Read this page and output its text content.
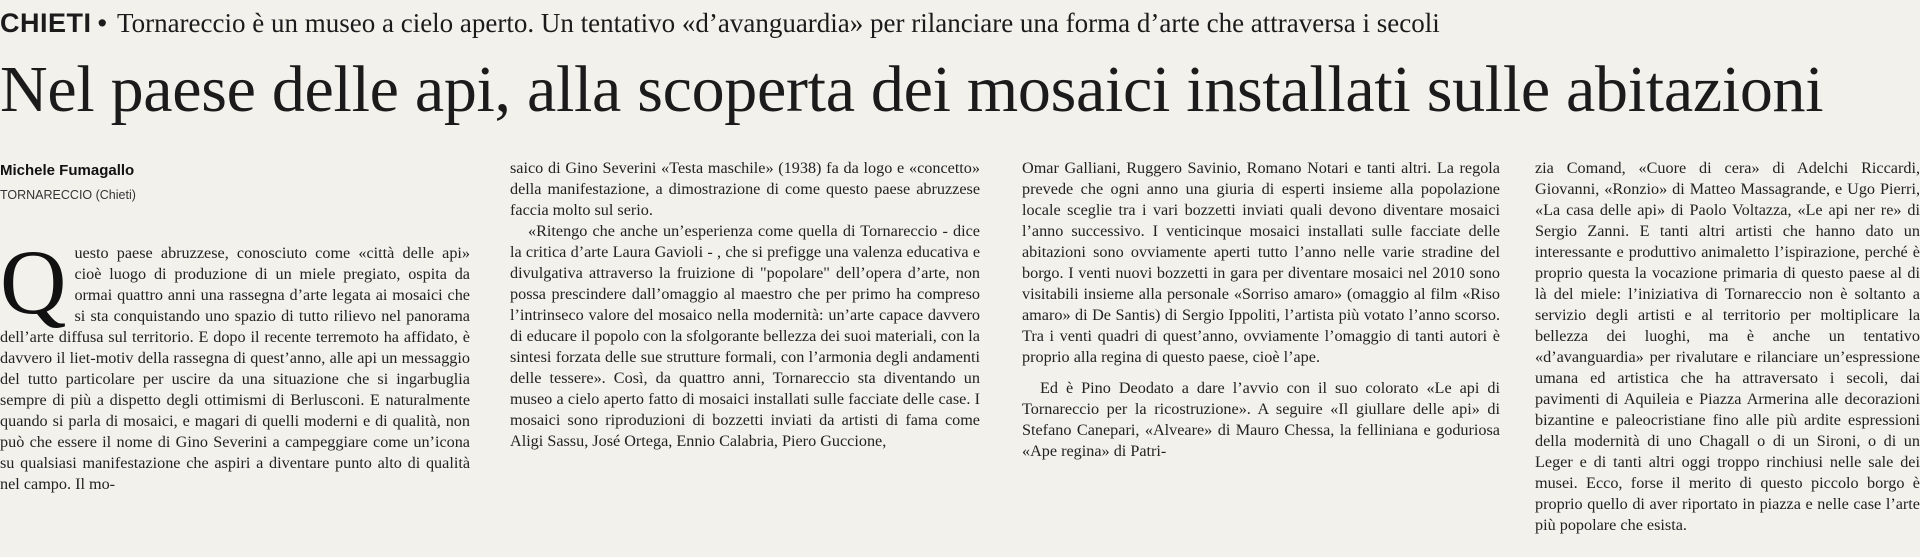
CHIETI • Tornareccio è un museo a cielo aperto. Un tentativo «d’avanguardia» per rilanciare una forma d’arte che attraversa i secoli
Nel paese delle api, alla scoperta dei mosaici installati sulle abitazioni
Michele Fumagallo
TORNARECCIO (Chieti)
Q uesto paese abruzzese, conosciuto come «città delle api» cioè luogo di produzione di un miele pregiato, ospita da ormai quattro anni una rassegna d’arte legata ai mosaici che si sta conquistando uno spazio di tutto rilievo nel panorama dell’arte diffusa sul territorio. E dopo il recente terremoto ha affidato, è davvero il liet-motiv della rassegna di quest’anno, alle api un messaggio del tutto particolare per uscire da una situazione che si ingarbuglia sempre di più a dispetto degli ottimismi di Berlusconi. E naturalmente quando si parla di mosaici, e magari di quelli moderni e di qualità, non può che essere il nome di Gino Severini a campeggiare come un’icona su qualsiasi manifestazione che aspiri a diventare punto alto di qualità nel campo. Il mo-

saico di Gino Severini «Testa maschile» (1938) fa da logo e «concetto» della manifestazione, a dimostrazione di come questo paese abruzzese faccia molto sul serio.

«Ritengo che anche un’esperienza come quella di Tornareccio - dice la critica d’arte Laura Gavioli - , che si prefigge una valenza educativa e divulgativa attraverso la fruizione di "popolare" dell’opera d’arte, non possa prescindere dall’omaggio al maestro che per primo ha compreso l’intrinseco valore del mosaico nella modernità: un’arte capace davvero di educare il popolo con la sfolgorante bellezza dei suoi materiali, con la sintesi forzata delle sue strutture formali, con l’armonia degli andamenti delle tessere». Così, da quattro anni, Tornareccio sta diventando un museo a cielo aperto fatto di mosaici installati sulle facciate delle case. I mosaici sono riproduzioni di bozzetti inviati da artisti di fama come Aligi Sassu, José Ortega, Ennio Calabria, Piero Guccione,

Omar Galliani, Ruggero Savinio, Romano Notari e tanti altri. La regola prevede che ogni anno una giuria di esperti insieme alla popolazione locale sceglie tra i vari bozzetti inviati quali devono diventare mosaici l’anno successivo. I venticinque mosaici installati sulle facciate delle abitazioni sono ovviamente aperti tutto l’anno nelle varie stradine del borgo. I venti nuovi bozzetti in gara per diventare mosaici nel 2010 sono visitabili insieme alla personale «Sorriso amaro» (omaggio al film «Riso amaro» di De Santis) di Sergio Ippoliti, l’artista più votato l’anno scorso. Tra i venti quadri di quest’anno, ovviamente l’omaggio di tanti autori è proprio alla regina di questo paese, cioè l’ape.

Ed è Pino Deodato a dare l’avvio con il suo colorato «Le api di Tornareccio per la ricostruzione». A seguire «Il giullare delle api» di Stefano Canepari, «Alveare» di Mauro Chessa, la felliniana e goduriosa «Ape regina» di Patri-

zia Comand, «Cuore di cera» di Adelchi Riccardi, Giovanni, «Ronzio» di Matteo Massagrande, e Ugo Pierri, «La casa delle api» di Paolo Voltazza, «Le api ner re» di Sergio Zanni. E tanti altri artisti che hanno dato un interessante e produttivo animaletto l’ispirazione, perché è proprio questa la vocazione primaria di questo paese al di là del miele: l’iniziativa di Tornareccio non è soltanto a servizio degli artisti e al territorio per moltiplicare la bellezza dei luoghi, ma è anche un tentativo «d’avanguardia» per rivalutare e rilanciare un’espressione umana ed artistica che ha attraversato i secoli, dai pavimenti di Aquileia e Piazza Armerina alle decorazioni bizantine e paleocristiane fino alle più ardite espressioni della modernità di uno Chagall o di un Sironi, o di un Leger e di tanti altri oggi troppo rinchiusi nelle sale dei musei. Ecco, forse il merito di questo piccolo borgo è proprio quello di aver riportato in piazza e nelle case l’arte più popolare che esista.
